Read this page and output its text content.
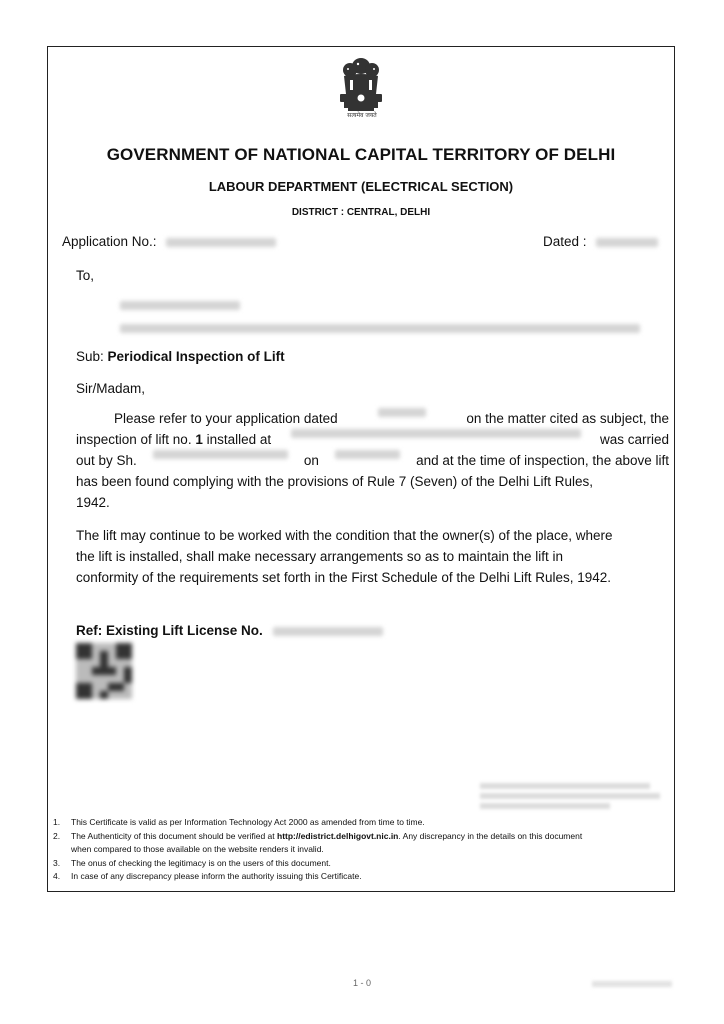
सत्यमेव जयते
GOVERNMENT OF NATIONAL CAPITAL TERRITORY OF DELHI
LABOUR DEPARTMENT (ELECTRICAL SECTION)
DISTRICT : CENTRAL, DELHI
Application No.:	Dated :
To,
Sub: Periodical Inspection of Lift
Sir/Madam,
Please refer to your application dated	on the matter cited as subject, the
inspection of lift no. 1 installed at	was carried
out by Sh.	on	and at the time of inspection, the above lift
has been found complying with the provisions of Rule 7 (Seven) of the Delhi Lift Rules,
1942.
The lift may continue to be worked with the condition that the owner(s) of the place, where
the lift is installed, shall make necessary arrangements so as to maintain the lift in
conformity of the requirements set forth in the First Schedule of the Delhi Lift Rules, 1942.
Ref: Existing Lift License No.
1.	This Certificate is valid as per Information Technology Act 2000 as amended from time to time.
2.	The Authenticity of this document should be verified at http://edistrict.delhigovt.nic.in. Any discrepancy in the details on this document
when compared to those available on the website renders it invalid.
3.	The onus of checking the legitimacy is on the users of this document.
4.	In case of any discrepancy please inform the authority issuing this Certificate.
1 - 0
